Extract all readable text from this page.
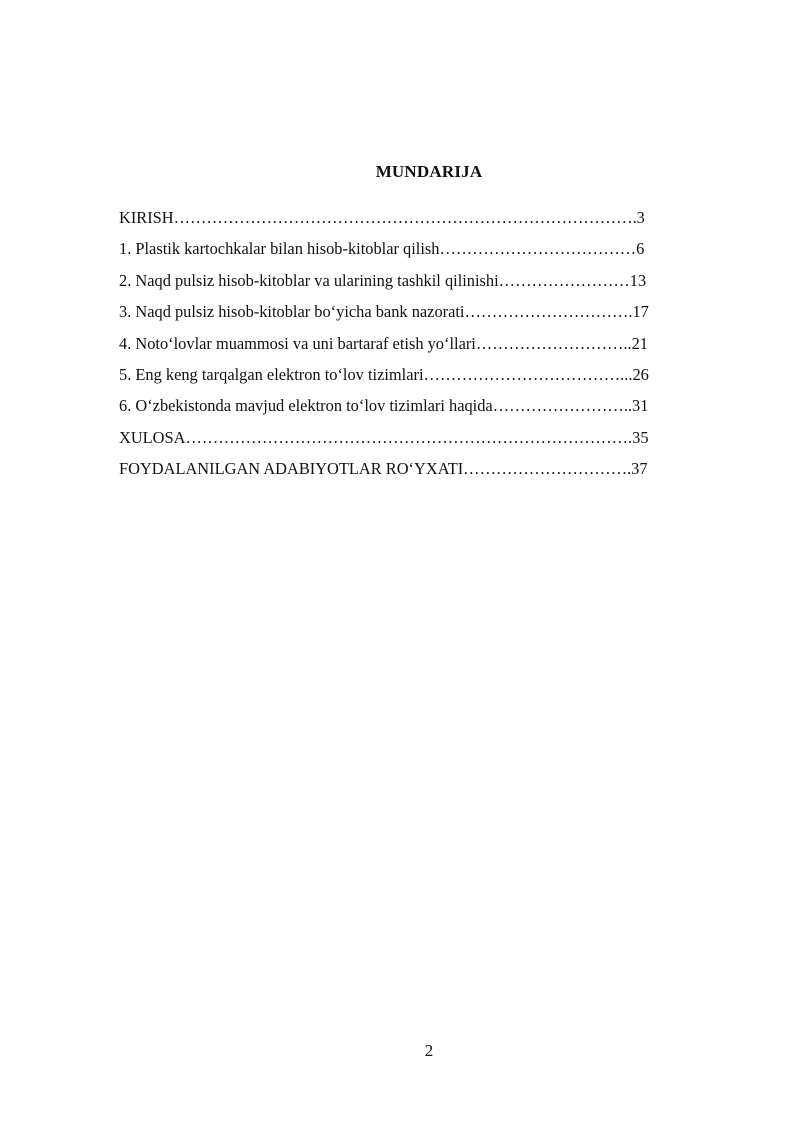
MUNDARIJA
KIRISH………………………………………………………………………….3
1. Plastik kartochkalar bilan hisob-kitoblar qilish………………………………6
2. Naqd pulsiz hisob-kitoblar va ularining tashkil qilinishi……………………13
3. Naqd pulsiz hisob-kitoblar bo‘yicha bank nazorati………………………….17
4. Noto‘lovlar muammosi va uni bartaraf etish yo‘llari………………………..21
5. Eng keng tarqalgan elektron to‘lov tizimlari………………………………...26
6. O‘zbekistonda mavjud elektron to‘lov tizimlari haqida……………………..31
XULOSA……………………………………………………………………….35
FOYDALANILGAN ADABIYOTLAR RO‘YXATI………………………….37
2
